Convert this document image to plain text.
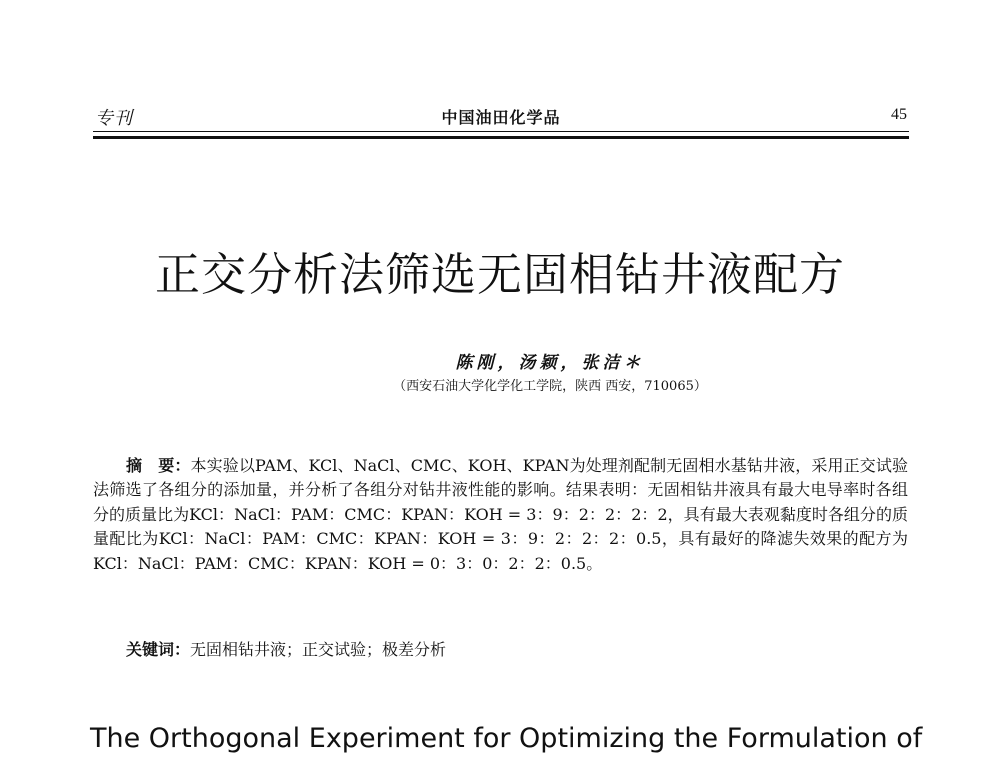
专刊	中国油田化学品	45
正交分析法筛选无固相钻井液配方
陈刚，汤颖，张洁＊
（西安石油大学化学化工学院，陕西 西安，710065）

摘　要：本实验以PAM、KCl、NaCl、CMC、KOH、KPAN为处理剂配制无固相水基钻井液，采用正交试验法筛选了各组分的添加量，并分析了各组分对钻井液性能的影响。结果表明：无固相钻井液具有最大电导率时各组分的质量比为KCl：NaCl：PAM：CMC：KPAN：KOH = 3：9：2：2：2：2，具有最大表观黏度时各组分的质量配比为KCl：NaCl：PAM：CMC：KPAN：KOH = 3：9：2：2：2：0.5，具有最好的降滤失效果的配方为KCl：NaCl：PAM：CMC：KPAN：KOH = 0：3：0：2：2：0.5。

关键词：无固相钻井液；正交试验；极差分析
The Orthogonal Experiment for Optimizing the Formulation of
